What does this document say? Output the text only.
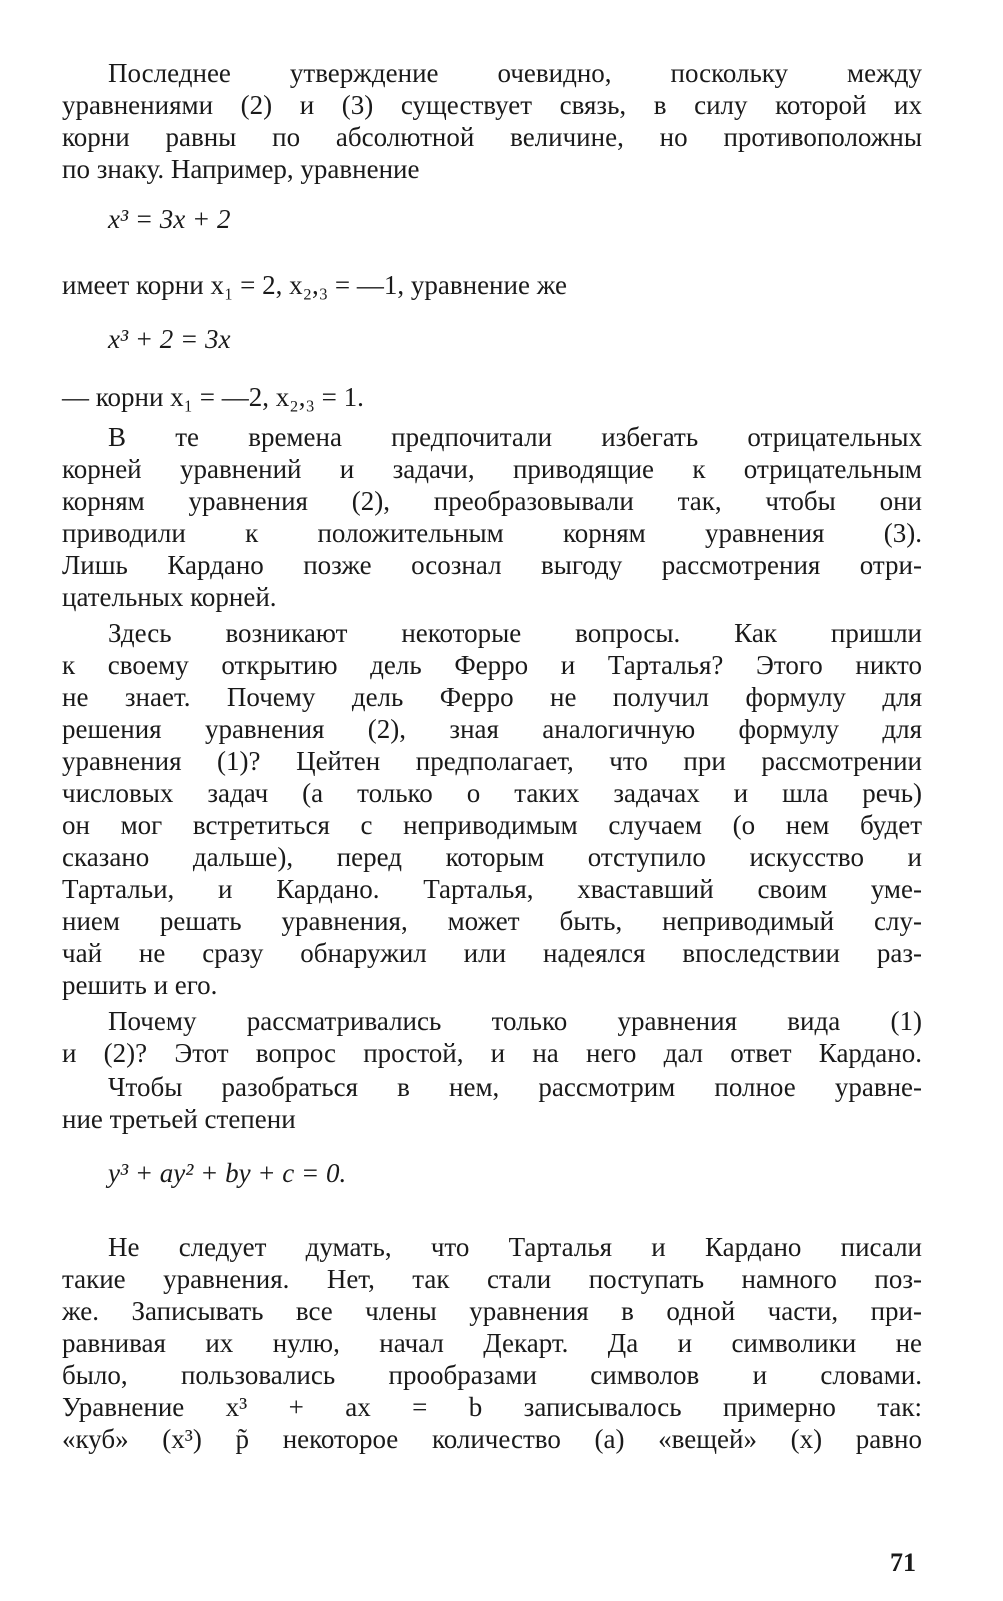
Последнее утверждение очевидно, поскольку между
уравнениями (2) и (3) существует связь, в силу которой их
корни равны по абсолютной величине, но противоположны
по знаку. Например, уравнение
x³ = 3x + 2
имеет корни x₁ = 2, x₂,₃ = —1, уравнение же
x³ + 2 = 3x
— корни x₁ = —2, x₂,₃ = 1.
В те времена предпочитали избегать отрицательных
корней уравнений и задачи, приводящие к отрицательным
корням уравнения (2), преобразовывали так, чтобы они
приводили к положительным корням уравнения (3).
Лишь Кардано позже осознал выгоду рассмотрения отри-
цательных корней.
Здесь возникают некоторые вопросы. Как пришли
к своему открытию дель Ферро и Тарталья? Этого никто
не знает. Почему дель Ферро не получил формулу для
решения уравнения (2), зная аналогичную формулу для
уравнения (1)? Цейтен предполагает, что при рассмотрении
числовых задач (а только о таких задачах и шла речь)
он мог встретиться с неприводимым случаем (о нем будет
сказано дальше), перед которым отступило искусство и
Тартальи, и Кардано. Тарталья, хваставший своим уме-
нием решать уравнения, может быть, неприводимый слу-
чай не сразу обнаружил или надеялся впоследствии раз-
решить и его.
Почему рассматривались только уравнения вида (1)
и (2)? Этот вопрос простой, и на него дал ответ Кардано.
Чтобы разобраться в нем, рассмотрим полное уравне-
ние третьей степени
y³ + ay² + by + c = 0.
Не следует думать, что Тарталья и Кардано писали
такие уравнения. Нет, так стали поступать намного поз-
же. Записывать все члены уравнения в одной части, при-
равнивая их нулю, начал Декарт. Да и символики не
было, пользовались прообразами символов и словами.
Уравнение x³ + ax = b записывалось примерно так:
«куб» (x³) p̃ некоторое количество (a) «вещей» (x) равно
71
